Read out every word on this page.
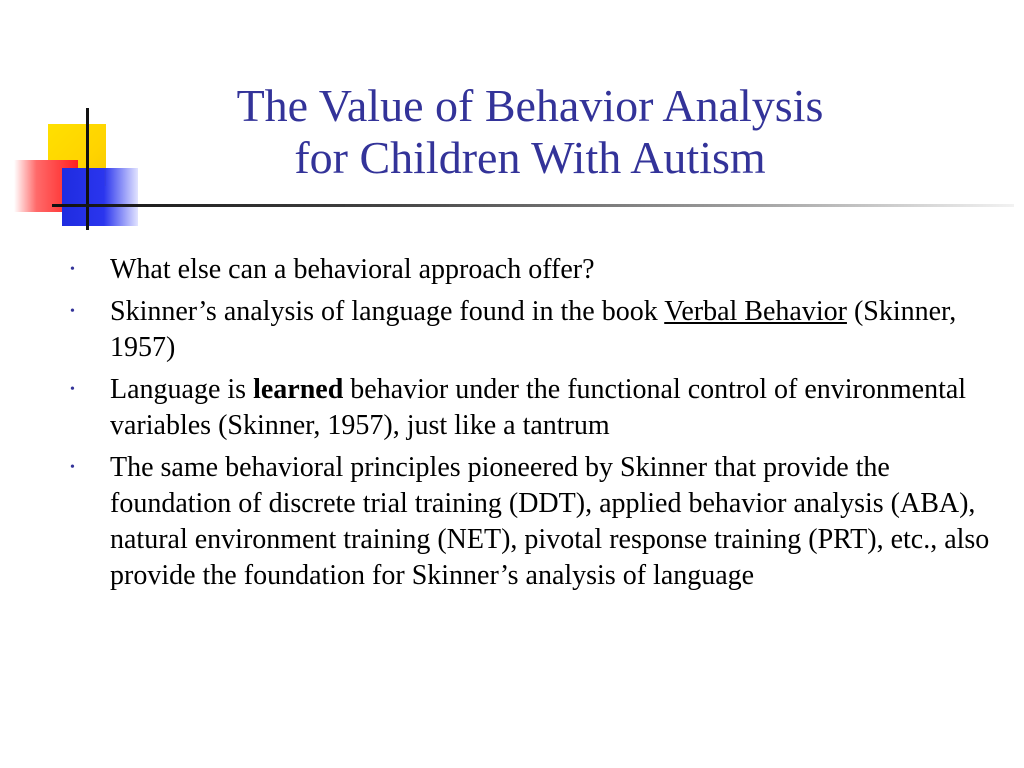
The Value of Behavior Analysis
for Children With Autism
• What else can a behavioral approach offer?
• Skinner’s analysis of language found in the book Verbal Behavior (Skinner, 1957)
• Language is learned behavior under the functional control of environmental variables (Skinner, 1957), just like a tantrum
• The same behavioral principles pioneered by Skinner that provide the foundation of discrete trial training (DDT), applied behavior analysis (ABA), natural environment training (NET), pivotal response training (PRT), etc., also provide the foundation for Skinner’s analysis of language
